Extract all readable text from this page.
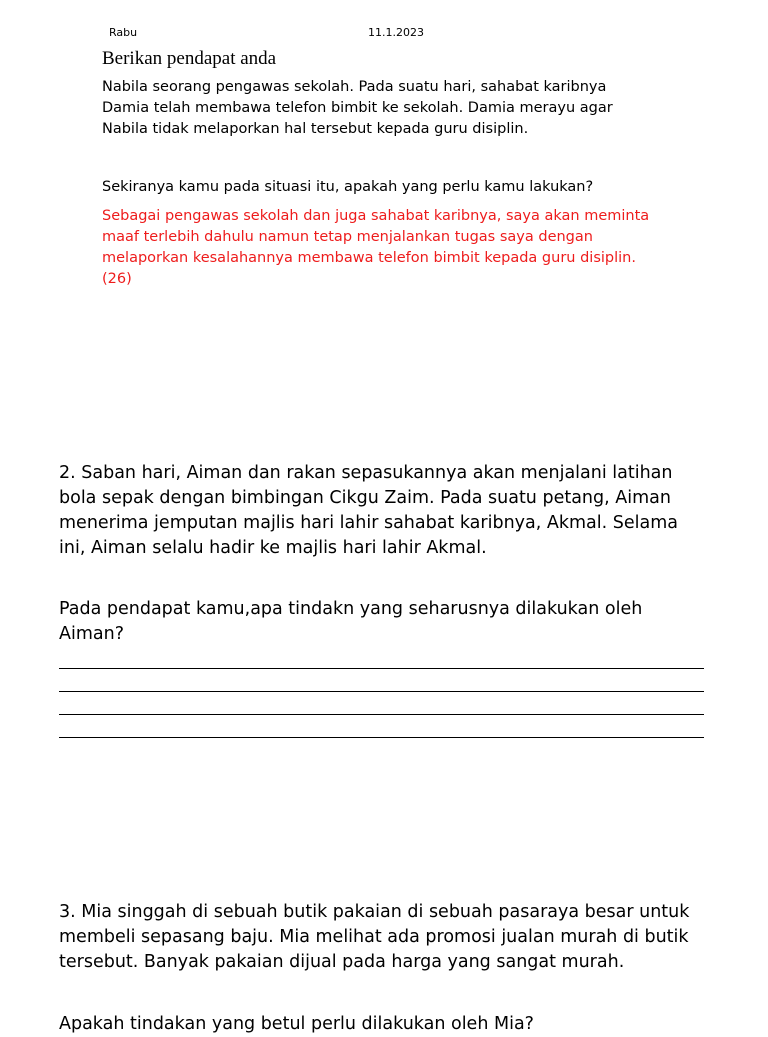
Rabu	11.1.2023
Berikan pendapat anda
Nabila seorang pengawas sekolah. Pada suatu hari, sahabat karibnya
Damia telah membawa telefon bimbit ke sekolah. Damia merayu agar
Nabila tidak melaporkan hal tersebut kepada guru disiplin.
Sekiranya kamu pada situasi itu, apakah yang perlu kamu lakukan?
Sebagai pengawas sekolah dan juga sahabat karibnya, saya akan meminta
maaf terlebih dahulu namun tetap menjalankan tugas saya dengan
melaporkan kesalahannya membawa telefon bimbit kepada guru disiplin.
(26)
2. Saban hari, Aiman dan rakan sepasukannya akan menjalani latihan
bola sepak dengan bimbingan Cikgu Zaim. Pada suatu petang, Aiman
menerima jemputan majlis hari lahir sahabat karibnya, Akmal. Selama
ini, Aiman selalu hadir ke majlis hari lahir Akmal.
Pada pendapat kamu,apa tindakn yang seharusnya dilakukan oleh
Aiman?
3. Mia singgah di sebuah butik pakaian di sebuah pasaraya besar untuk
membeli sepasang baju. Mia melihat ada promosi jualan murah di butik
tersebut. Banyak pakaian dijual pada harga yang sangat murah.
Apakah tindakan yang betul perlu dilakukan oleh Mia?
